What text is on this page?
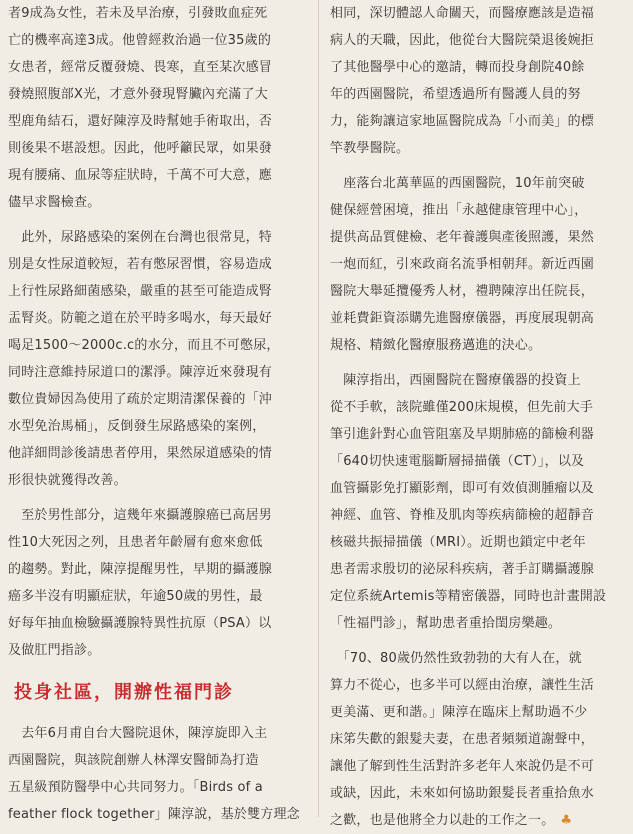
者9成為女性，若未及早治療，引發敗血症死
亡的機率高達3成。他曾經救治過一位35歲的
女患者，經常反覆發燒、畏寒，直至某次感冒
發燒照腹部X光，才意外發現腎臟內充滿了大
型鹿角結石，還好陳淳及時幫她手術取出，否
則後果不堪設想。因此，他呼籲民眾，如果發
現有腰痛、血尿等症狀時，千萬不可大意，應
儘早求醫檢查。
　此外，尿路感染的案例在台灣也很常見，特
別是女性尿道較短，若有憋尿習慣，容易造成
上行性尿路細菌感染，嚴重的甚至可能造成腎
盂腎炎。防範之道在於平時多喝水，每天最好
喝足1500～2000c.c的水分，而且不可憋尿，
同時注意維持尿道口的潔淨。陳淳近來發現有
數位貴婦因為使用了疏於定期清潔保養的「沖
水型免治馬桶」，反倒發生尿路感染的案例，
他詳細問診後請患者停用，果然尿道感染的情
形很快就獲得改善。
　至於男性部分，這幾年來攝護腺癌已高居男
性10大死因之列，且患者年齡層有愈來愈低
的趨勢。對此，陳淳提醒男性，早期的攝護腺
癌多半沒有明顯症狀，年逾50歲的男性，最
好每年抽血檢驗攝護腺特異性抗原（PSA）以
及做肛門指診。
投身社區，開辦性福門診
　去年6月甫自台大醫院退休，陳淳旋即入主
西園醫院，與該院創辦人林澤安醫師為打造
五星級預防醫學中心共同努力。「Birds of a
feather flock together」陳淳說，基於雙方理念
相同，深切體認人命關天，而醫療應該是造福
病人的天職，因此，他從台大醫院榮退後婉拒
了其他醫學中心的邀請，轉而投身創院40餘
年的西園醫院，希望透過所有醫護人員的努
力，能夠讓這家地區醫院成為「小而美」的標
竿教學醫院。
　座落台北萬華區的西園醫院，10年前突破
健保經營困境，推出「永越健康管理中心」，
提供高品質健檢、老年養護與產後照護，果然
一炮而紅，引來政商名流爭相朝拜。新近西園
醫院大舉延攬優秀人材，禮聘陳淳出任院長，
並耗費鉅資添購先進醫療儀器，再度展現朝高
規格、精緻化醫療服務邁進的決心。
　陳淳指出，西園醫院在醫療儀器的投資上
從不手軟，該院雖僅200床規模，但先前大手
筆引進針對心血管阻塞及早期肺癌的篩檢利器
「640切快速電腦斷層掃描儀（CT）」，以及
血管攝影免打顯影劑，即可有效偵測腫瘤以及
神經、血管、脊椎及肌肉等疾病篩檢的超靜音
核磁共振掃描儀（MRI）。近期也鎖定中老年
患者需求殷切的泌尿科疾病，著手訂購攝護腺
定位系統Artemis等精密儀器，同時也計畫開設
「性福門診」，幫助患者重拾閨房樂趣。
　「70、80歲仍然性致勃勃的大有人在，就
算力不從心，也多半可以經由治療，讓性生活
更美滿、更和諧。」陳淳在臨床上幫助過不少
床笫失歡的銀髮夫妻，在患者頻頻道謝聲中，
讓他了解到性生活對許多老年人來說仍是不可
或缺，因此，未來如何協助銀髮長者重拾魚水
之歡，也是他將全力以赴的工作之一。 ♣
